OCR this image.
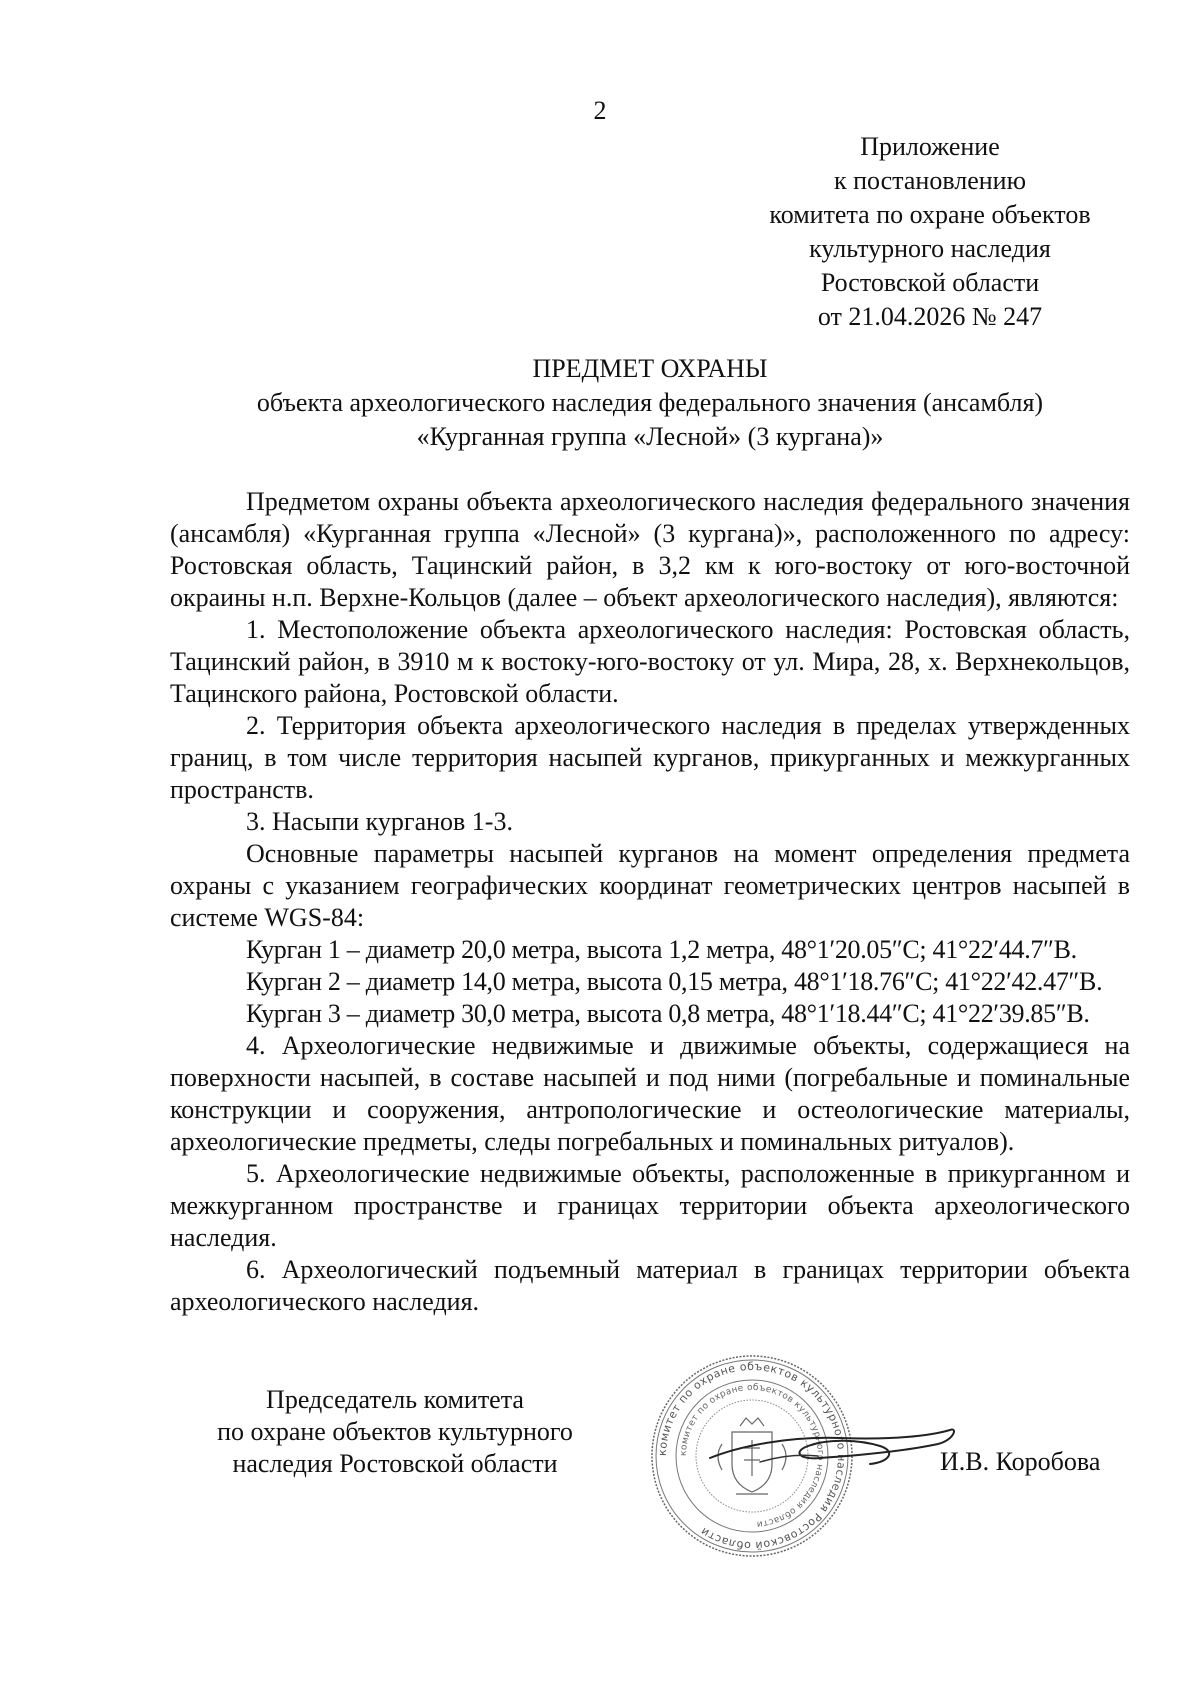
2
Приложение
к постановлению
комитета по охране объектов
культурного наследия
Ростовской области
от 21.04.2026 № 247
ПРЕДМЕТ ОХРАНЫ
объекта археологического наследия федерального значения (ансамбля)
«Курганная группа «Лесной» (3 кургана)»

Предметом охраны объекта археологического наследия федерального значения (ансамбля) «Курганная группа «Лесной» (3 кургана)», расположенного по адресу: Ростовская область, Тацинский район, в 3,2 км к юго-востоку от юго-восточной окраины н.п. Верхне-Кольцов (далее – объект археологического наследия), являются:

1. Местоположение объекта археологического наследия: Ростовская область, Тацинский район, в 3910 м к востоку-юго-востоку от ул. Мира, 28, х. Верхнекольцов, Тацинского района, Ростовской области.

2. Территория объекта археологического наследия в пределах утвержденных границ, в том числе территория насыпей курганов, прикурганных и межкурганных пространств.

3. Насыпи курганов 1-3.

Основные параметры насыпей курганов на момент определения предмета охраны с указанием географических координат геометрических центров насыпей в системе WGS-84:

Курган 1 – диаметр 20,0 метра, высота 1,2 метра, 48°1′20.05″С; 41°22′44.7″В.

Курган 2 – диаметр 14,0 метра, высота 0,15 метра, 48°1′18.76″С; 41°22′42.47″В.

Курган 3 – диаметр 30,0 метра, высота 0,8 метра, 48°1′18.44″С; 41°22′39.85″В.

4. Археологические недвижимые и движимые объекты, содержащиеся на поверхности насыпей, в составе насыпей и под ними (погребальные и поминальные конструкции и сооружения, антропологические и остеологические материалы, археологические предметы, следы погребальных и поминальных ритуалов).

5. Археологические недвижимые объекты, расположенные в прикурганном и межкурганном пространстве и границах территории объекта археологического наследия.

6. Археологический подъемный материал в границах территории объекта археологического наследия.

Председатель комитета
по охране объектов культурного
наследия Ростовской области	комитет по охране объектов культурного наследия Ростовской области
комитет по охране объектов культурного наследия области
И.В. Коробова
